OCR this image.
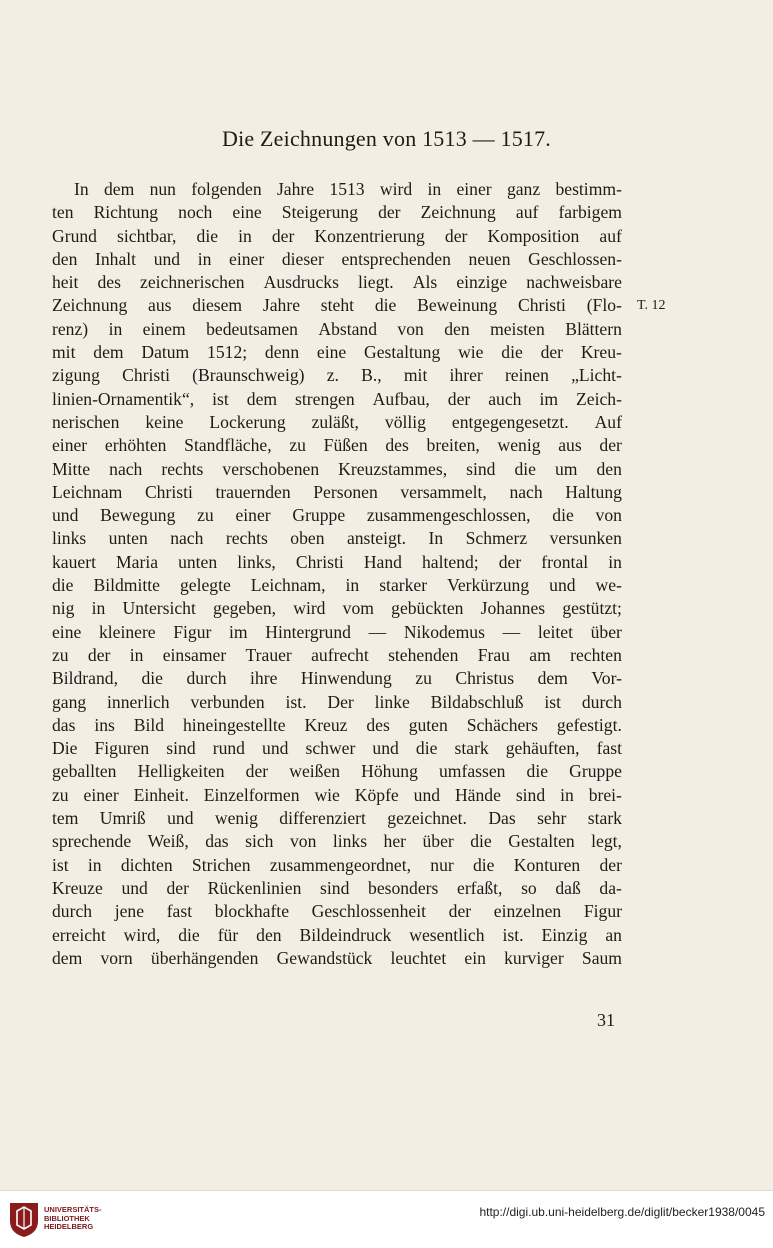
Die Zeichnungen von 1513 — 1517.
In dem nun folgenden Jahre 1513 wird in einer ganz bestimm-
ten Richtung noch eine Steigerung der Zeichnung auf farbigem
Grund sichtbar, die in der Konzentrierung der Komposition auf
den Inhalt und in einer dieser entsprechenden neuen Geschlossen-
heit des zeichnerischen Ausdrucks liegt. Als einzige nachweisbare
Zeichnung aus diesem Jahre steht die Beweinung Christi (Flo-
renz) in einem bedeutsamen Abstand von den meisten Blättern
mit dem Datum 1512; denn eine Gestaltung wie die der Kreu-
zigung Christi (Braunschweig) z. B., mit ihrer reinen „Licht-
linien-Ornamentik“, ist dem strengen Aufbau, der auch im Zeich-
nerischen keine Lockerung zuläßt, völlig entgegengesetzt. Auf
einer erhöhten Standfläche, zu Füßen des breiten, wenig aus der
Mitte nach rechts verschobenen Kreuzstammes, sind die um den
Leichnam Christi trauernden Personen versammelt, nach Haltung
und Bewegung zu einer Gruppe zusammengeschlossen, die von
links unten nach rechts oben ansteigt. In Schmerz versunken
kauert Maria unten links, Christi Hand haltend; der frontal in
die Bildmitte gelegte Leichnam, in starker Verkürzung und we-
nig in Untersicht gegeben, wird vom gebückten Johannes gestützt;
eine kleinere Figur im Hintergrund — Nikodemus — leitet über
zu der in einsamer Trauer aufrecht stehenden Frau am rechten
Bildrand, die durch ihre Hinwendung zu Christus dem Vor-
gang innerlich verbunden ist. Der linke Bildabschluß ist durch
das ins Bild hineingestellte Kreuz des guten Schächers gefestigt.
Die Figuren sind rund und schwer und die stark gehäuften, fast
geballten Helligkeiten der weißen Höhung umfassen die Gruppe
zu einer Einheit. Einzelformen wie Köpfe und Hände sind in brei-
tem Umriß und wenig differenziert gezeichnet. Das sehr stark
sprechende Weiß, das sich von links her über die Gestalten legt,
ist in dichten Strichen zusammengeordnet, nur die Konturen der
Kreuze und der Rückenlinien sind besonders erfaßt, so daß da-
durch jene fast blockhafte Geschlossenheit der einzelnen Figur
erreicht wird, die für den Bildeindruck wesentlich ist. Einzig an
dem vorn überhängenden Gewandstück leuchtet ein kurviger Saum
T. 12
31
UNIVERSITÄTS-
BIBLIOTHEK
HEIDELBERG
http://digi.ub.uni-heidelberg.de/diglit/becker1938/0045
